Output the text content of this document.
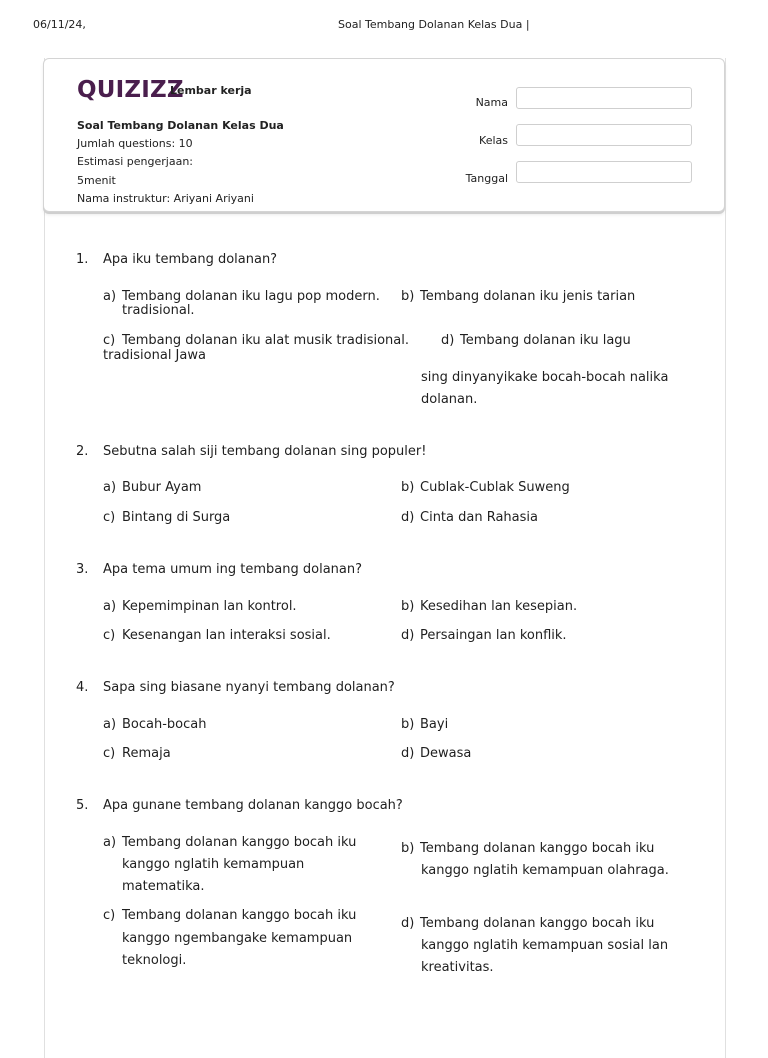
06/11/24,	Soal Tembang Dolanan Kelas Dua |
QUIZIZZ
Lembar kerja
Soal Tembang Dolanan Kelas Dua
Jumlah questions: 10
Estimasi pengerjaan:
5menit
Nama instruktur: Ariyani Ariyani
Nama
Kelas
Tanggal
1.	Apa iku tembang dolanan?
a) Tembang dolanan iku lagu pop modern. b) Tembang dolanan iku jenis tarian
tradisional.
c) Tembang dolanan iku alat musik tradisional. d) Tembang dolanan iku lagu
tradisional Jawa
sing dinyanyikake bocah-bocah nalika
dolanan.
2.	Sebutna salah siji tembang dolanan sing populer!
a) Bubur Ayam	b) Cublak-Cublak Suweng
c) Bintang di Surga	d) Cinta dan Rahasia
3.	Apa tema umum ing tembang dolanan?
a) Kepemimpinan lan kontrol.	b) Kesedihan lan kesepian.
c) Kesenangan lan interaksi sosial.	d) Persaingan lan konflik.
4.	Sapa sing biasane nyanyi tembang dolanan?
a) Bocah-bocah	b) Bayi
c) Remaja	d) Dewasa
5.	Apa gunane tembang dolanan kanggo bocah?
a) Tembang dolanan kanggo bocah iku
kanggo nglatih kemampuan
matematika.
b) Tembang dolanan kanggo bocah iku
kanggo nglatih kemampuan olahraga.
c) Tembang dolanan kanggo bocah iku
kanggo ngembangake kemampuan
teknologi.
d) Tembang dolanan kanggo bocah iku
kanggo nglatih kemampuan sosial lan
kreativitas.
